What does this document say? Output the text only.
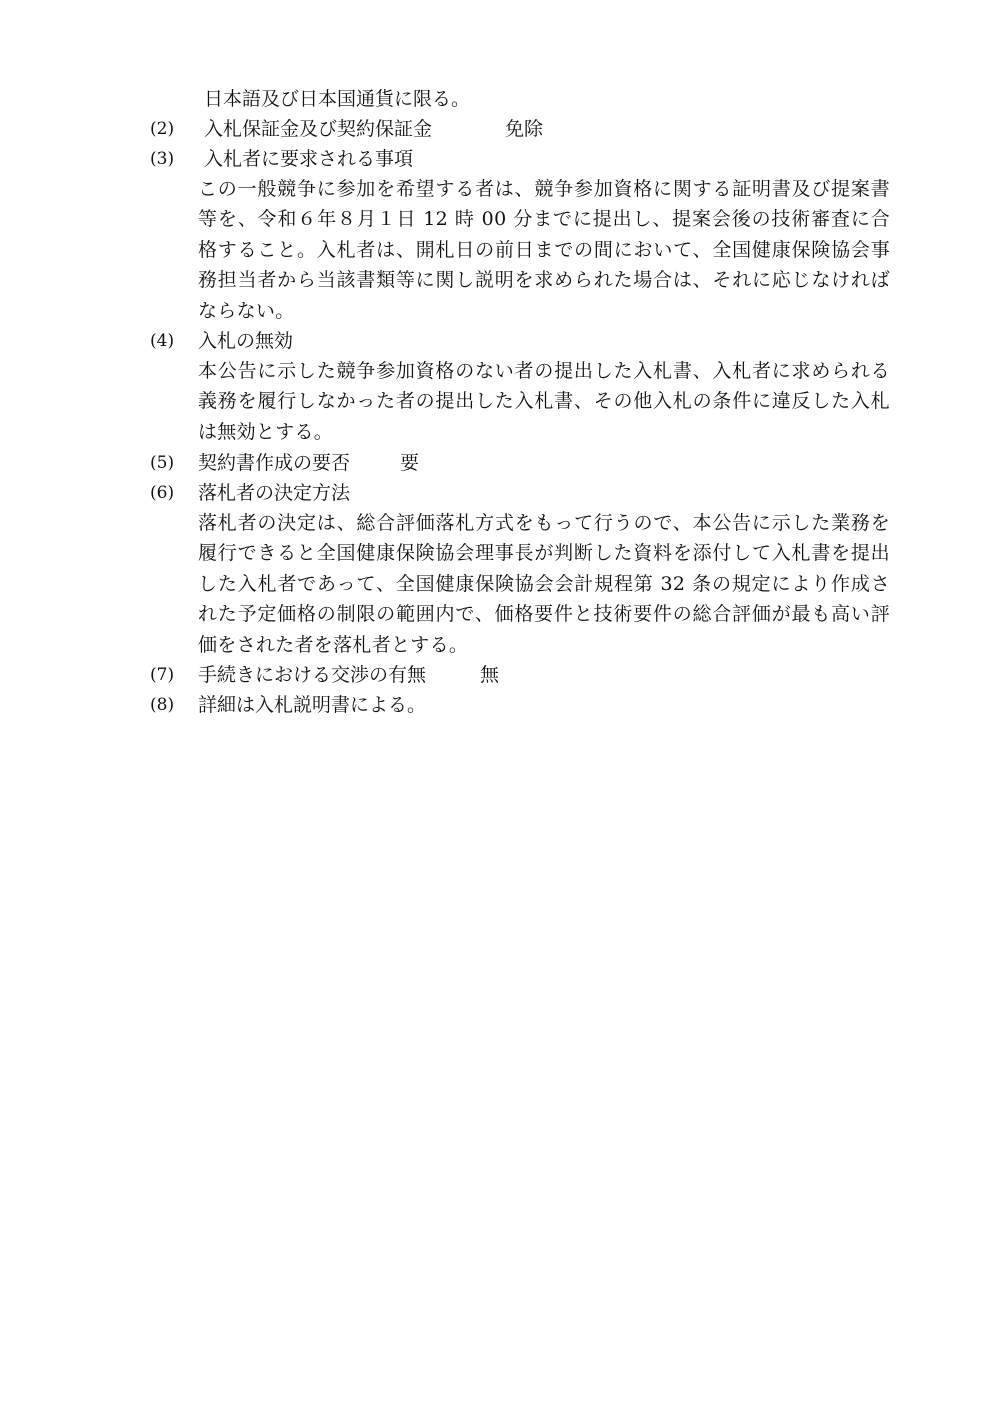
日本語及び日本国通貨に限る。
(2) 入札保証金及び契約保証金	免除
(3) 入札者に要求される事項
この一般競争に参加を希望する者は、競争参加資格に関する証明書及び提案書等を、令和６年８月１日 12 時 00 分までに提出し、提案会後の技術審査に合格すること。入札者は、開札日の前日までの間において、全国健康保険協会事務担当者から当該書類等に関し説明を求められた場合は、それに応じなければならない。
(4) 入札の無効
本公告に示した競争参加資格のない者の提出した入札書、入札者に求められる義務を履行しなかった者の提出した入札書、その他入札の条件に違反した入札は無効とする。
(5) 契約書作成の要否	要
(6) 落札者の決定方法
落札者の決定は、総合評価落札方式をもって行うので、本公告に示した業務を履行できると全国健康保険協会理事長が判断した資料を添付して入札書を提出した入札者であって、全国健康保険協会会計規程第 32 条の規定により作成された予定価格の制限の範囲内で、価格要件と技術要件の総合評価が最も高い評価をされた者を落札者とする。
(7) 手続きにおける交渉の有無	無
(8) 詳細は入札説明書による。
